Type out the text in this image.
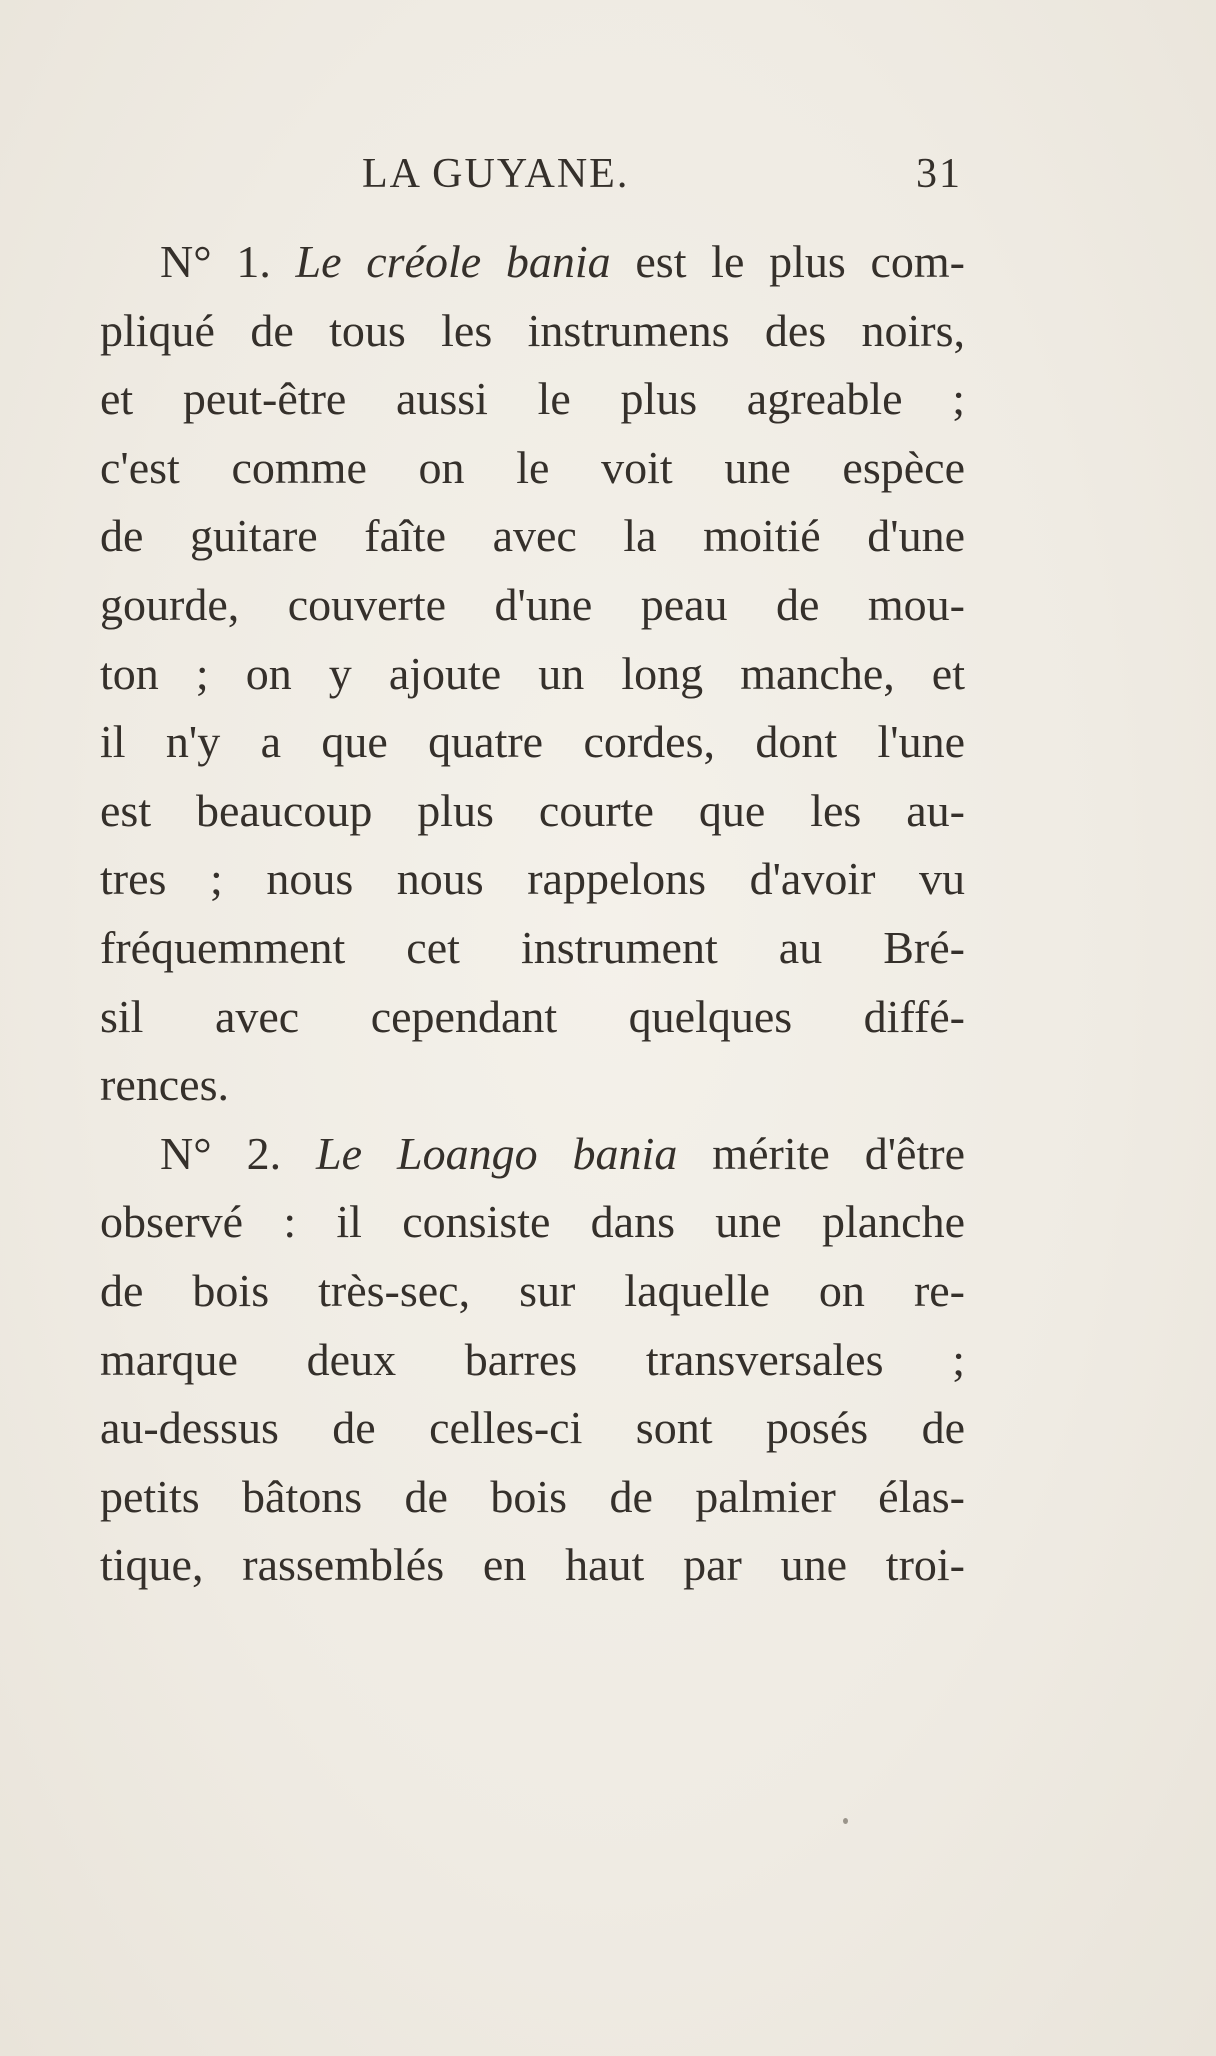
LA GUYANE.	31
N° 1. Le créole bania est le plus com-
pliqué de tous les instrumens des noirs,
et peut-être aussi le plus agreable ;
c'est comme on le voit une espèce
de guitare faîte avec la moitié d'une
gourde, couverte d'une peau de mou-
ton ; on y ajoute un long manche, et
il n'y a que quatre cordes, dont l'une
est beaucoup plus courte que les au-
tres ; nous nous rappelons d'avoir vu
fréquemment cet instrument au Bré-
sil avec cependant quelques diffé-
rences.
N° 2. Le Loango bania mérite d'être
observé : il consiste dans une planche
de bois très-sec, sur laquelle on re-
marque deux barres transversales ;
au-dessus de celles-ci sont posés de
petits bâtons de bois de palmier élas-
tique, rassemblés en haut par une troi-
